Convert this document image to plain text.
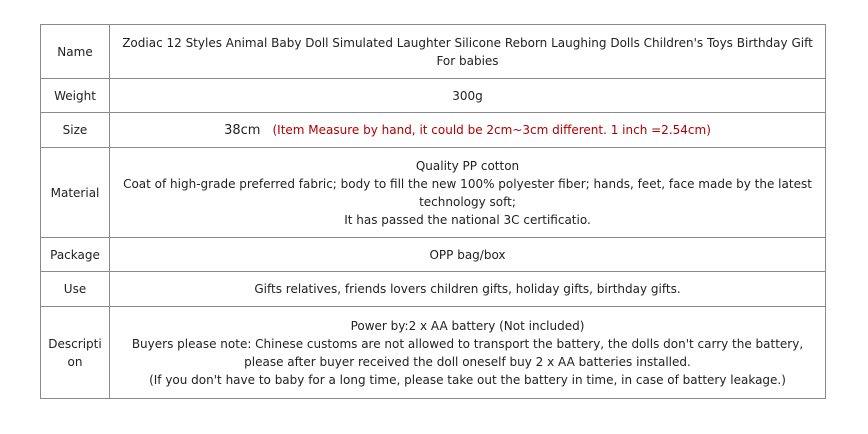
Name	Zodiac 12 Styles Animal Baby Doll Simulated Laughter Silicone Reborn Laughing Dolls Children's Toys Birthday Gift For babies
Weight	300g
Size	38cm (Item Measure by hand, it could be 2cm~3cm different. 1 inch =2.54cm)
Material	Quality PP cotton
Coat of high-grade preferred fabric; body to fill the new 100% polyester fiber; hands, feet, face made by the latest technology soft;
It has passed the national 3C certificatio.

Package	OPP bag/box
Use	Gifts relatives, friends lovers children gifts, holiday gifts, birthday gifts.
Description	Power by:2 x AA battery (Not included)
Buyers please note: Chinese customs are not allowed to transport the battery, the dolls don't carry the battery,
please after buyer received the doll oneself buy 2 x AA batteries installed.
(If you don't have to baby for a long time, please take out the battery in time, in case of battery leakage.)
